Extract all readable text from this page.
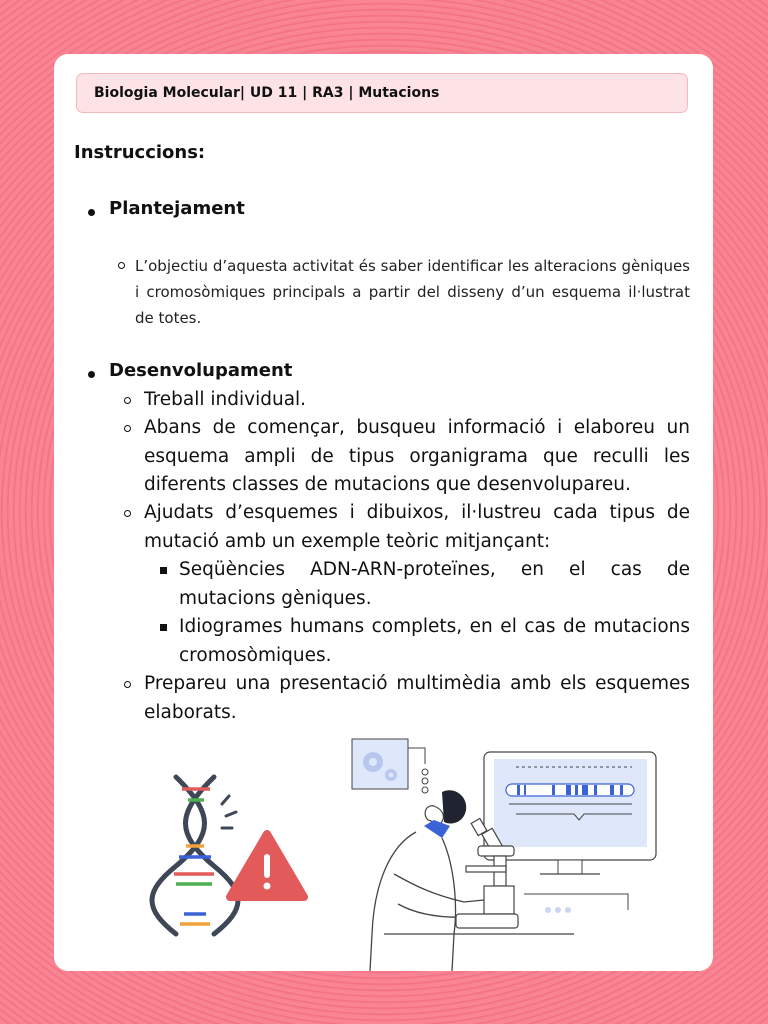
Biologia Molecular| UD 11 | RA3 | Mutacions
Instruccions:
Plantejament
L’objectiu d’aquesta activitat és saber identificar les alteracions gèniques i cromosòmiques principals a partir del disseny d’un esquema il·lustrat de totes.
Desenvolupament
Treball individual.
Abans de començar, busqueu informació i elaboreu un esquema ampli de tipus organigrama que reculli les diferents classes de mutacions que desenvolupareu.
Ajudats d’esquemes i dibuixos, il·lustreu cada tipus de mutació amb un exemple teòric mitjançant:
Seqüències ADN-ARN-proteïnes, en el cas de mutacions gèniques.
Idiogrames humans complets, en el cas de mutacions cromosòmiques.
Prepareu una presentació multimèdia amb els esquemes elaborats.
